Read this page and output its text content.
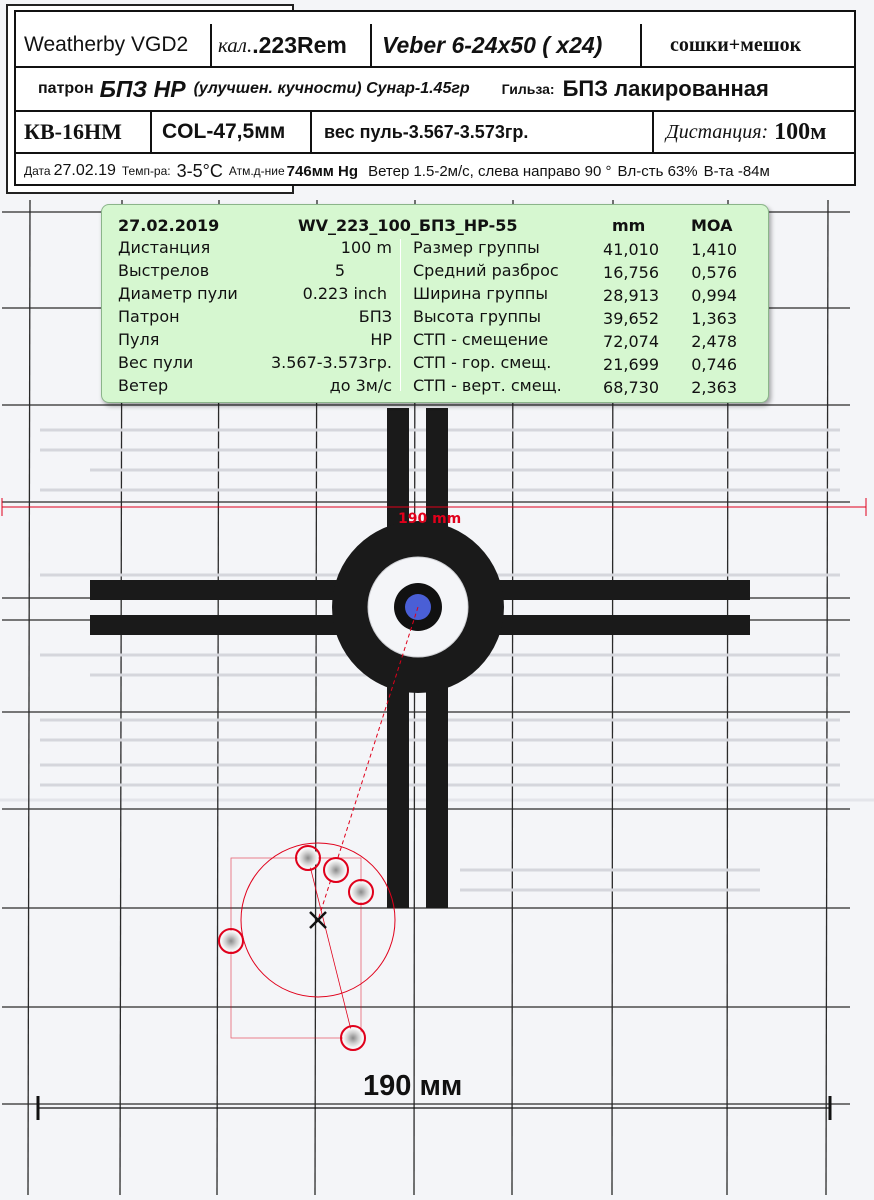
Weatherby VGD2	кал. .223Rem	Veber 6-24x50 ( x24)	сошки+мешок
патрон БПЗ HP (улучшен. кучности) Сунар-1.45гр Гильза: БПЗ лакированная
КВ-16НМ	COL-47,5мм	вес пуль-3.567-3.573гр.	Дистанция: 100м
Дата 27.02.19 Темп-ра: 3-5°C Атм.д-ние 746мм Hg Ветер 1.5-2м/с, слева направо 90 ° Вл-сть 63% В-та -84м
27.02.2019	WV_223_100_БПЗ_HP-55	mm	MOA
Дистанция	100 m
Выстрелов	5
Диаметр пули	0.223 inch
Патрон	БПЗ
Пуля	HP
Вес пули	3.567-3.573гр.
Ветер	до 3м/с
Размер группы	41,010	1,410
Средний разброс	16,756	0,576
Ширина группы	28,913	0,994
Высота группы	39,652	1,363
СТП - смещение	72,074	2,478
СТП - гор. смещ.	21,699	0,746
СТП - верт. смещ.	68,730	2,363
190 mm
190 мм
